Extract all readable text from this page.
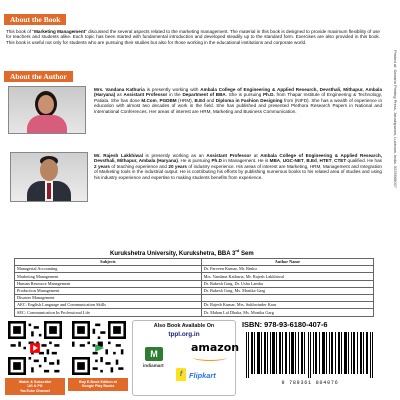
About the Book
This book of "Marketing Management" discussed the several aspects related to the marketing management. The material in this book is designed to provide maximum flexibility of use for teachers and students alike. Each topic has been started with fundamental introduction and developed steadily up to the standard form. Exercises are also provided in this book. This book is useful not only for students who are pursuing their studies but also for those working in the educational institutions and corporate world.
About the Author
Mrs. Vandana Kathuria is presently working with Ambala College of Engineering & Applied Research, Devsthali, Mithapur, Ambala (Haryana) as Assistant Professor in the Department of BBA. She is pursuing Ph.D. from Thapar Institute of Engineering & Technology, Patiala. She has done M.Com, PGDBM (HRM), B.Ed and Diploma in Fashion Designing from (NIFD). She has a wealth of experience in education with almost two decades of work in the field. She has published and presented Plethora Research Papers in National and International Conferences. Her areas of interest are HRM, Marketing and Business Communication.
Mr. Rajesh Lakkhiwal is presently working as an Assistant Professor at Ambala College of Engineering & Applied Research, Devsthali, Mithapur, Ambala (Haryana). He is pursuing Ph.D in Management. He is MBA, UGC-NET, B.Ed, HTET, CTET qualified. He has 2 years of teaching experience and 20 years of industry experience. His areas of interest are Marketing, HRM, Management and Integration of Marketing tools in the industrial output. He is contributing his efforts by publishing numerous books to his related area of studies and using his industry experience and expertise to making students benefits from experience.	Printed at: Sowaria Printing Press, Janakipuram, Lucknow, India. 9235968007
Kurukshetra University, Kurukshetra, BBA 3rd Sem
Subjects	Author Name
Managerial Accounting	Dr. Parveen Kumar, Mr. Rinku
Marketing Management	Mrs. Vandana Kathuria, Mr. Rajesh Lakkhiwal
Human Resource Management	Dr. Rakesh Garg, Dr. Usha Lamba
Production Management	Dr. Rakesh Garg, Ms. Monika Garg
Disaster Management	
AEC: English Language and Communication Skills	Dr. Rajesh Kumar, Mrs. Sukhwinder Kaur
SEC: Communication In Professional Life	Dr. Mahan Lal Dhaka, Ms. Monika Garg
Watch & Subscribe
UG & PG
YouTube Channel
Buy E-Book Edition at
Google Play Books
Also Book Available On
tppl.org.in
M
indiamart
amazon
f Flipkart
ISBN: 978-93-6180-407-6
9 789361 804076
